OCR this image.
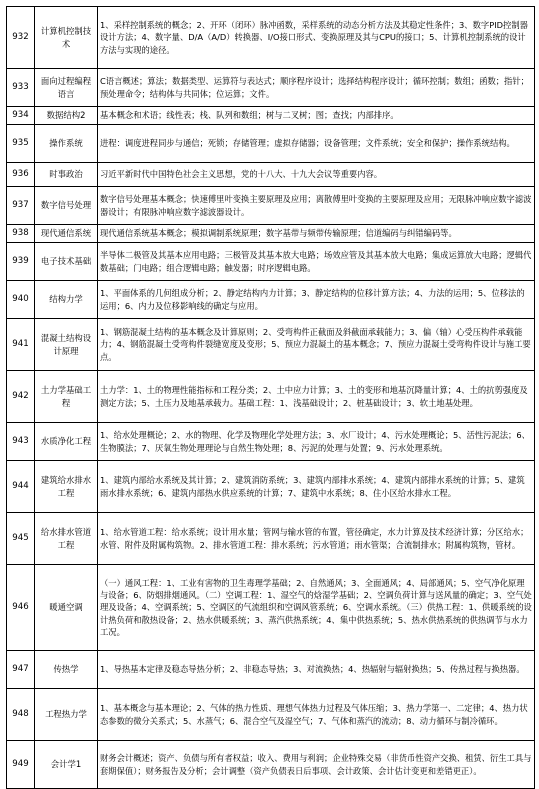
932	计算机控制技术	1、采样控制系统的概念；2、开环（闭环）脉冲函数，采样系统的动态分析方法及其稳定性条件；3、数字PID控制器设计方法；4、数字量、D/A（A/D）转换器、I/O接口形式、变换原理及其与CPU的接口；5、计算机控制系统的设计方法与实现的途径。
933	面向过程编程语言	C语言概述；算法；数据类型、运算符与表达式；顺序程序设计；选择结构程序设计；循环控制；数组；函数；指针；预处理命令；结构体与共同体；位运算；文件。
934	数据结构2	基本概念和术语；线性表；栈、队列和数组；树与二叉树；图；查找；内部排序。
935	操作系统	进程：调度进程同步与通信；死锁；存储管理；虚拟存储器；设备管理；文件系统；安全和保护；操作系统结构。
936	时事政治	习近平新时代中国特色社会主义思想，党的十八大、十九大会议等重要内容。
937	数字信号处理	数字信号处理基本概念；快速傅里叶变换主要原理及应用；离散傅里叶变换的主要原理及应用；无限脉冲响应数字滤波器设计；有限脉冲响应数字滤波器设计。
938	现代通信系统	现代通信系统基本概念；模拟调制系统原理；数字基带与频带传输原理；信道编码与纠错编码等。
939	电子技术基础	半导体二极管及其基本应用电路；三极管及其基本放大电路；场效应管及其基本放大电路；集成运算放大电路；逻辑代数基础；门电路；组合逻辑电路；触发器；时序逻辑电路。
940	结构力学	1、平面体系的几何组成分析；2、静定结构内力计算；3、静定结构的位移计算方法；4、力法的运用；5、位移法的运用；6、内力及位移影响线的确定与应用。
941	混凝土结构设计原理	1、钢筋混凝土结构的基本概念及计算原则；2、受弯构件正截面及斜截面承载能力；3、偏（轴）心受压构件承载能力；4、钢筋混凝土受弯构件裂缝宽度及变形；5、预应力混凝土的基本概念；7、预应力混凝土受弯构件设计与施工要点。
942	土力学基础工程	土力学：1、土的物理性能指标和工程分类；2、土中应力计算；3、土的变形和地基沉降量计算；4、土的抗剪强度及测定方法；5、土压力及地基承载力。基础工程：1、浅基础设计；2、桩基础设计；3、软土地基处理。
943	水质净化工程	1、给水处理概论；2、水的物理、化学及物理化学处理方法；3、水厂设计；4、污水处理概论；5、活性污泥法；6、生物膜法；7、厌氧生物处理理论与自然生物处理；8、污泥的处理与处置；9、污水处理系统。
944	建筑给水排水工程	1、建筑内部给水系统及其计算；2、建筑消防系统；3、建筑内部排水系统；4、建筑内部排水系统的计算；5、建筑雨水排水系统；6、建筑内部热水供应系统的计算；7、建筑中水系统；8、住小区给水排水工程。
945	给水排水管道工程	1、给水管道工程：给水系统；设计用水量；管网与输水管的布置，管径确定，水力计算及技术经济计算；分区给水；水管、附件及附属构筑物。2、排水管道工程：排水系统；污水管道；雨水管渠；合流制排水；附属构筑物，管材。
946	暖通空调	（一）通风工程：1、工业有害物的卫生毒理学基础；2、自然通风；3、全面通风；4、局部通风；5、空气净化原理与设备；6、防烟排烟通风。（二）空调工程：1、湿空气的焓湿学基础；2、空调负荷计算与送风量的确定；3、空气处理及设备；4、空调系统；5、空调区的气流组织和空调风管系统；6、空调水系统。（三）供热工程：1、供暖系统的设计热负荷和散热设备；2、热水供暖系统；3、蒸汽供热系统；4、集中供热系统；5、热水供热系统的供热调节与水力工况。
947	传热学	1、导热基本定律及稳态导热分析；2、非稳态导热；3、对流换热；4、热辐射与辐射换热；5、传热过程与换热器。
948	工程热力学	1、基本概念与基本理论；2、气体的热力性质、理想气体热力过程及气体压缩；3、热力学第一、二定律；4、热力状态参数的微分关系式；5、水蒸气；6、混合空气及湿空气；7、气体和蒸汽的流动；8、动力循环与制冷循环。
949	会计学1	财务会计概述；资产、负债与所有者权益；收入、费用与利润；企业特殊交易（非货币性资产交换、租赁、衍生工具与套期保值）；财务报告及分析；会计调整（资产负债表日后事项、会计政策、会计估计变更和差错更正）。
